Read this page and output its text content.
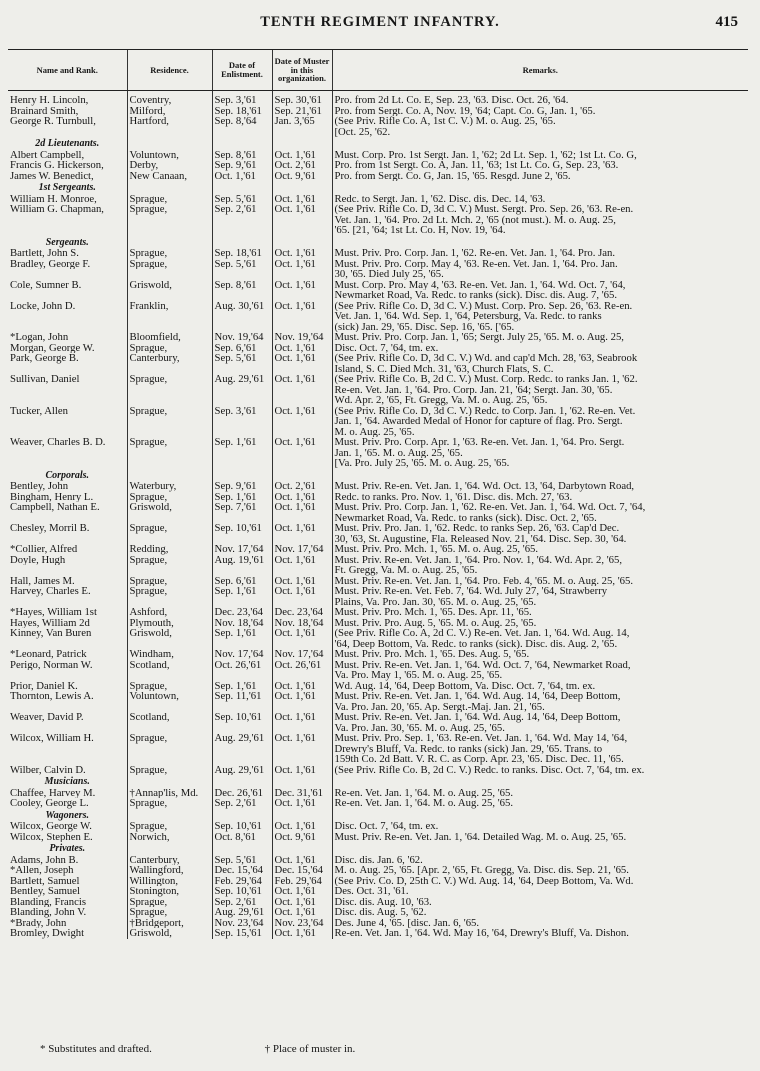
TENTH REGIMENT INFANTRY.	415
Name and Rank.	Residence.	Date of Enlistment.	Date of Muster in this organization.	Remarks.

Henry H. Lincoln,	Coventry,	Sep. 3,'61	Sep. 30,'61	Pro. from 2d Lt. Co. E, Sep. 23, '63. Disc. Oct. 26, '64.
Brainard Smith,	Milford,	Sep. 18,'61	Sep. 21,'61	Pro. from Sergt. Co. A, Nov. 19, '64; Capt. Co. G, Jan. 1, '65.
George R. Turnbull,	Hartford,	Sep. 8,'64	Jan. 3,'65	(See Priv. Rifle Co. A, 1st C. V.) M. o. Aug. 25, '65.
				[Oct. 25, '62.
2d Lieutenants.				
Albert Campbell,	Voluntown,	Sep. 8,'61	Oct. 1,'61	Must. Corp. Pro. 1st Sergt. Jan. 1, '62; 2d Lt. Sep. 1, '62; 1st Lt. Co. G,
Francis G. Hickerson,	Derby,	Sep. 9,'61	Oct. 2,'61	Pro. from 1st Sergt. Co. A, Jan. 11, '63; 1st Lt. Co. G, Sep. 23, '63.
James W. Benedict,	New Canaan,	Oct. 1,'61	Oct. 9,'61	Pro. from Sergt. Co. G, Jan. 15, '65. Resgd. June 2, '65.
1st Sergeants.				
William H. Monroe,	Sprague,	Sep. 5,'61	Oct. 1,'61	Redc. to Sergt. Jan. 1, '62. Disc. dis. Dec. 14, '63.
William G. Chapman,	Sprague,	Sep. 2,'61	Oct. 1,'61	(See Priv. Rifle Co. D, 3d C. V.) Must. Sergt. Pro. Sep. 26, '63. Re-en.
				Vet. Jan. 1, '64. Pro. 2d Lt. Mch. 2, '65 (not must.). M. o. Aug. 25,
				'65. [21, '64; 1st Lt. Co. H, Nov. 19, '64.
Sergeants.				
Bartlett, John S.	Sprague,	Sep. 18,'61	Oct. 1,'61	Must. Priv. Pro. Corp. Jan. 1, '62. Re-en. Vet. Jan. 1, '64. Pro. Jan.
Bradley, George F.	Sprague,	Sep. 5,'61	Oct. 1,'61	Must. Priv. Pro. Corp. May 4, '63. Re-en. Vet. Jan. 1, '64. Pro. Jan.
				30, '65. Died July 25, '65.
Cole, Sumner B.	Griswold,	Sep. 8,'61	Oct. 1,'61	Must. Corp. Pro. May 4, '63. Re-en. Vet. Jan. 1, '64. Wd. Oct. 7, '64,
				Newmarket Road, Va. Redc. to ranks (sick). Disc. dis. Aug. 7, '65.
Locke, John D.	Franklin,	Aug. 30,'61	Oct. 1,'61	(See Priv. Rifle Co. D, 3d C. V.) Must. Corp. Pro. Sep. 26, '63. Re-en.
				Vet. Jan. 1, '64. Wd. Sep. 1, '64, Petersburg, Va. Redc. to ranks
				(sick) Jan. 29, '65. Disc. Sep. 16, '65. ['65.
*Logan, John	Bloomfield,	Nov. 19,'64	Nov. 19,'64	Must. Priv. Pro. Corp. Jan. 1, '65; Sergt. July 25, '65. M. o. Aug. 25,
Morgan, George W.	Sprague,	Sep. 6,'61	Oct. 1,'61	Disc. Oct. 7, '64, tm. ex.
Park, George B.	Canterbury,	Sep. 5,'61	Oct. 1,'61	(See Priv. Rifle Co. D, 3d C. V.) Wd. and cap'd Mch. 28, '63, Seabrook
				Island, S. C. Died Mch. 31, '63, Church Flats, S. C.
Sullivan, Daniel	Sprague,	Aug. 29,'61	Oct. 1,'61	(See Priv. Rifle Co. B, 2d C. V.) Must. Corp. Redc. to ranks Jan. 1, '62.
				Re-en. Vet. Jan. 1, '64. Pro. Corp. Jan. 21, '64; Sergt. Jan. 30, '65.
				Wd. Apr. 2, '65, Ft. Gregg, Va. M. o. Aug. 25, '65.
Tucker, Allen	Sprague,	Sep. 3,'61	Oct. 1,'61	(See Priv. Rifle Co. D, 3d C. V.) Redc. to Corp. Jan. 1, '62. Re-en. Vet.
				Jan. 1, '64. Awarded Medal of Honor for capture of flag. Pro. Sergt.
				M. o. Aug. 25, '65.
Weaver, Charles B. D.	Sprague,	Sep. 1,'61	Oct. 1,'61	Must. Priv. Pro. Corp. Apr. 1, '63. Re-en. Vet. Jan. 1, '64. Pro. Sergt.
				Jan. 1, '65. M. o. Aug. 25, '65.
				[Va. Pro. July 25, '65. M. o. Aug. 25, '65.
Corporals.				
Bentley, John	Waterbury,	Sep. 9,'61	Oct. 2,'61	Must. Priv. Re-en. Vet. Jan. 1, '64. Wd. Oct. 13, '64, Darbytown Road,
Bingham, Henry L.	Sprague,	Sep. 1,'61	Oct. 1,'61	Redc. to ranks. Pro. Nov. 1, '61. Disc. dis. Mch. 27, '63.
Campbell, Nathan E.	Griswold,	Sep. 7,'61	Oct. 1,'61	Must. Priv. Pro. Corp. Jan. 1, '62. Re-en. Vet. Jan. 1, '64. Wd. Oct. 7, '64,
				Newmarket Road, Va. Redc. to ranks (sick). Disc. Oct. 2, '65.
Chesley, Morril B.	Sprague,	Sep. 10,'61	Oct. 1,'61	Must. Priv. Pro. Jan. 1, '62. Redc. to ranks Sep. 26, '63. Cap'd Dec.
				30, '63, St. Augustine, Fla. Released Nov. 21, '64. Disc. Sep. 30, '64.
*Collier, Alfred	Redding,	Nov. 17,'64	Nov. 17,'64	Must. Priv. Pro. Mch. 1, '65. M. o. Aug. 25, '65.
Doyle, Hugh	Sprague,	Aug. 19,'61	Oct. 1,'61	Must. Priv. Re-en. Vet. Jan. 1, '64. Pro. Nov. 1, '64. Wd. Apr. 2, '65,
				Ft. Gregg, Va. M. o. Aug. 25, '65.
Hall, James M.	Sprague,	Sep. 6,'61	Oct. 1,'61	Must. Priv. Re-en. Vet. Jan. 1, '64. Pro. Feb. 4, '65. M. o. Aug. 25, '65.
Harvey, Charles E.	Sprague,	Sep. 1,'61	Oct. 1,'61	Must. Priv. Re-en. Vet. Feb. 7, '64. Wd. July 27, '64, Strawberry
				Plains, Va. Pro. Jan. 30, '65. M. o. Aug. 25, '65.
*Hayes, William 1st	Ashford,	Dec. 23,'64	Dec. 23,'64	Must. Priv. Pro. Mch. 1, '65. Des. Apr. 11, '65.
Hayes, William 2d	Plymouth,	Nov. 18,'64	Nov. 18,'64	Must. Priv. Pro. Aug. 5, '65. M. o. Aug. 25, '65.
Kinney, Van Buren	Griswold,	Sep. 1,'61	Oct. 1,'61	(See Priv. Rifle Co. A, 2d C. V.) Re-en. Vet. Jan. 1, '64. Wd. Aug. 14,
				'64, Deep Bottom, Va. Redc. to ranks (sick). Disc. dis. Aug. 2, '65.
*Leonard, Patrick	Windham,	Nov. 17,'64	Nov. 17,'64	Must. Priv. Pro. Mch. 1, '65. Des. Aug. 5, '65.
Perigo, Norman W.	Scotland,	Oct. 26,'61	Oct. 26,'61	Must. Priv. Re-en. Vet. Jan. 1, '64. Wd. Oct. 7, '64, Newmarket Road,
				Va. Pro. May 1, '65. M. o. Aug. 25, '65.
Prior, Daniel K.	Sprague,	Sep. 1,'61	Oct. 1,'61	Wd. Aug. 14, '64, Deep Bottom, Va. Disc. Oct. 7, '64, tm. ex.
Thornton, Lewis A.	Voluntown,	Sep. 11,'61	Oct. 1,'61	Must. Priv. Re-en. Vet. Jan. 1, '64. Wd. Aug. 14, '64, Deep Bottom,
				Va. Pro. Jan. 20, '65. Ap. Sergt.-Maj. Jan. 21, '65.
Weaver, David P.	Scotland,	Sep. 10,'61	Oct. 1,'61	Must. Priv. Re-en. Vet. Jan. 1, '64. Wd. Aug. 14, '64, Deep Bottom,
				Va. Pro. Jan. 30, '65. M. o. Aug. 25, '65.
Wilcox, William H.	Sprague,	Aug. 29,'61	Oct. 1,'61	Must. Priv. Pro. Sep. 1, '63. Re-en. Vet. Jan. 1, '64. Wd. May 14, '64,
				Drewry's Bluff, Va. Redc. to ranks (sick) Jan. 29, '65. Trans. to
				159th Co. 2d Batt. V. R. C. as Corp. Apr. 23, '65. Disc. Dec. 11, '65.
Wilber, Calvin D.	Sprague,	Aug. 29,'61	Oct. 1,'61	(See Priv. Rifle Co. B, 2d C. V.) Redc. to ranks. Disc. Oct. 7, '64, tm. ex.
Musicians.				
Chaffee, Harvey M.	†Annap'lis, Md.	Dec. 26,'61	Dec. 31,'61	Re-en. Vet. Jan. 1, '64. M. o. Aug. 25, '65.
Cooley, George L.	Sprague,	Sep. 2,'61	Oct. 1,'61	Re-en. Vet. Jan. 1, '64. M. o. Aug. 25, '65.
Wagoners.				
Wilcox, George W.	Sprague,	Sep. 10,'61	Oct. 1,'61	Disc. Oct. 7, '64, tm. ex.
Wilcox, Stephen E.	Norwich,	Oct. 8,'61	Oct. 9,'61	Must. Priv. Re-en. Vet. Jan. 1, '64. Detailed Wag. M. o. Aug. 25, '65.
Privates.				
Adams, John B.	Canterbury,	Sep. 5,'61	Oct. 1,'61	Disc. dis. Jan. 6, '62.
*Allen, Joseph	Wallingford,	Dec. 15,'64	Dec. 15,'64	M. o. Aug. 25, '65. [Apr. 2, '65, Ft. Gregg, Va. Disc. dis. Sep. 21, '65.
Bartlett, Samuel	Willington,	Feb. 29,'64	Feb. 29,'64	(See Priv. Co. D, 25th C. V.) Wd. Aug. 14, '64, Deep Bottom, Va. Wd.
Bentley, Samuel	Stonington,	Sep. 10,'61	Oct. 1,'61	Des. Oct. 31, '61.
Blanding, Francis	Sprague,	Sep. 2,'61	Oct. 1,'61	Disc. dis. Aug. 10, '63.
Blanding, John V.	Sprague,	Aug. 29,'61	Oct. 1,'61	Disc. dis. Aug. 5, '62.
*Brady, John	†Bridgeport,	Nov. 23,'64	Nov. 23,'64	Des. June 4, '65. [disc. Jan. 6, '65.
Bromley, Dwight	Griswold,	Sep. 15,'61	Oct. 1,'61	Re-en. Vet. Jan. 1, '64. Wd. May 16, '64, Drewry's Bluff, Va. Dishon.
* Substitutes and drafted.	† Place of muster in.
